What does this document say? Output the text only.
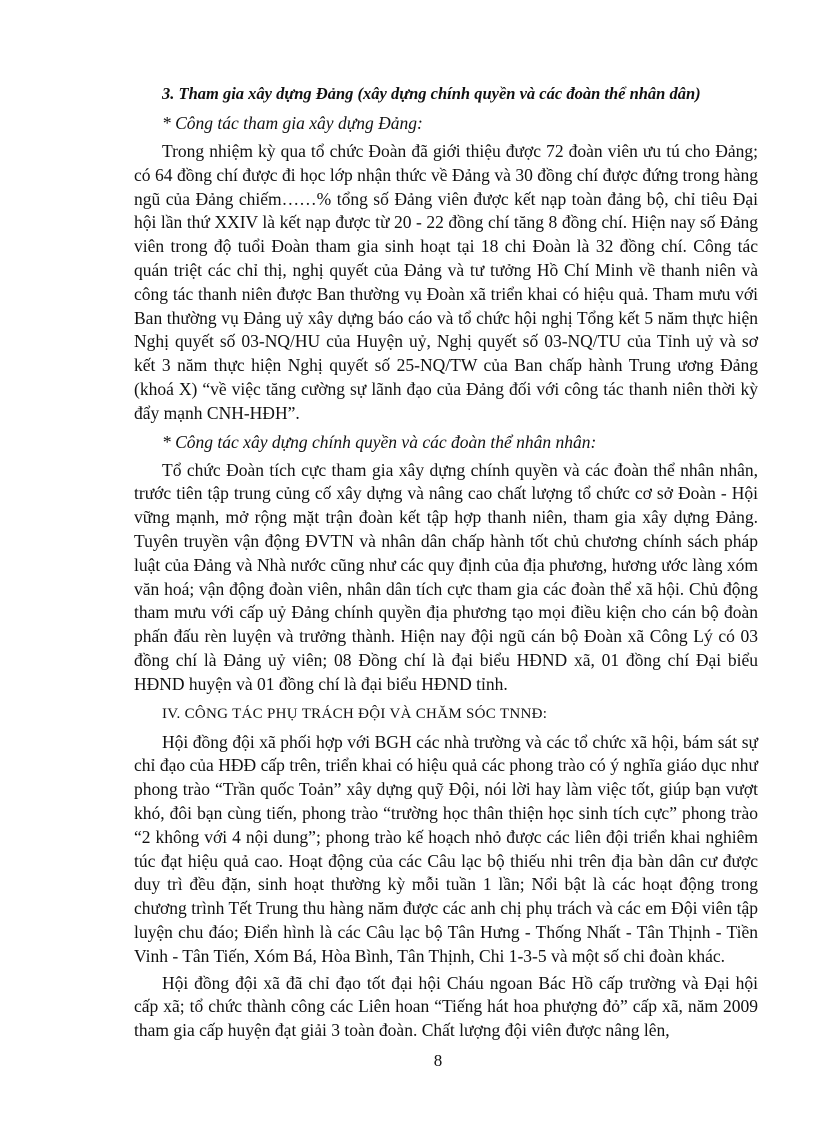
3. Tham gia xây dựng Đảng (xây dựng chính quyền và các đoàn thể nhân dân)

* Công tác tham gia xây dựng Đảng:

Trong nhiệm kỳ qua tổ chức Đoàn đã giới thiệu được 72 đoàn viên ưu tú cho Đảng; có 64 đồng chí được đi học lớp nhận thức về Đảng và 30 đồng chí được đứng trong hàng ngũ của Đảng chiếm……% tổng số Đảng viên được kết nạp toàn đảng bộ, chỉ tiêu Đại hội lần thứ XXIV là kết nạp được từ 20 - 22 đồng chí tăng 8 đồng chí. Hiện nay số Đảng viên trong độ tuổi Đoàn tham gia sinh hoạt tại 18 chi Đoàn là 32 đồng chí. Công tác quán triệt các chỉ thị, nghị quyết của Đảng và tư tưởng Hồ Chí Minh về thanh niên và công tác thanh niên được Ban thường vụ Đoàn xã triển khai có hiệu quả. Tham mưu với Ban thường vụ Đảng uỷ xây dựng báo cáo và tổ chức hội nghị Tổng kết 5 năm thực hiện Nghị quyết số 03-NQ/HU của Huyện uỷ, Nghị quyết số 03-NQ/TU của Tỉnh uỷ và sơ kết 3 năm thực hiện Nghị quyết số 25-NQ/TW của Ban chấp hành Trung ương Đảng (khoá X) “về việc tăng cường sự lãnh đạo của Đảng đối với công tác thanh niên thời kỳ đẩy mạnh CNH-HĐH”.

* Công tác xây dựng chính quyền và các đoàn thể nhân nhân:

Tổ chức Đoàn tích cực tham gia xây dựng chính quyền và các đoàn thể nhân nhân, trước tiên tập trung củng cố xây dựng và nâng cao chất lượng tổ chức cơ sở Đoàn - Hội vững mạnh, mở rộng mặt trận đoàn kết tập hợp thanh niên, tham gia xây dựng Đảng. Tuyên truyền vận động ĐVTN và nhân dân chấp hành tốt chủ chương chính sách pháp luật của Đảng và Nhà nước cũng như các quy định của địa phương, hương ước làng xóm văn hoá; vận động đoàn viên, nhân dân tích cực tham gia các đoàn thể xã hội. Chủ động tham mưu với cấp uỷ Đảng chính quyền địa phương tạo mọi điều kiện cho cán bộ đoàn phấn đấu rèn luyện và trưởng thành. Hiện nay đội ngũ cán bộ Đoàn xã Công Lý có 03 đồng chí là Đảng uỷ viên; 08 Đồng chí là đại biểu HĐND xã, 01 đồng chí Đại biểu HĐND huyện và 01 đồng chí là đại biểu HĐND tỉnh.

IV. CÔNG TÁC PHỤ TRÁCH ĐỘI VÀ CHĂM SÓC TNNĐ:

Hội đồng đội xã phối hợp với BGH các nhà trường và các tổ chức xã hội, bám sát sự chỉ đạo của HĐĐ cấp trên, triển khai có hiệu quả các phong trào có ý nghĩa giáo dục như phong trào “Trần quốc Toản” xây dựng quỹ Đội, nói lời hay làm việc tốt, giúp bạn vượt khó, đôi bạn cùng tiến, phong trào “trường học thân thiện học sinh tích cực” phong trào “2 không với 4 nội dung”; phong trào kế hoạch nhỏ được các liên đội triển khai nghiêm túc đạt hiệu quả cao. Hoạt động của các Câu lạc bộ thiếu nhi trên địa bàn dân cư được duy trì đều đặn, sinh hoạt thường kỳ mỗi tuần 1 lần; Nổi bật là các hoạt động trong chương trình Tết Trung thu hàng năm được các anh chị phụ trách và các em Đội viên tập luyện chu đáo; Điển hình là các Câu lạc bộ Tân Hưng - Thống Nhất - Tân Thịnh - Tiền Vinh - Tân Tiến, Xóm Bá, Hòa Bình, Tân Thịnh, Chi 1-3-5 và một số chi đoàn khác.

Hội đồng đội xã đã chỉ đạo tốt đại hội Cháu ngoan Bác Hồ cấp trường và Đại hội cấp xã; tổ chức thành công các Liên hoan “Tiếng hát hoa phượng đỏ” cấp xã, năm 2009 tham gia cấp huyện đạt giải 3 toàn đoàn. Chất lượng đội viên được nâng lên,

8
